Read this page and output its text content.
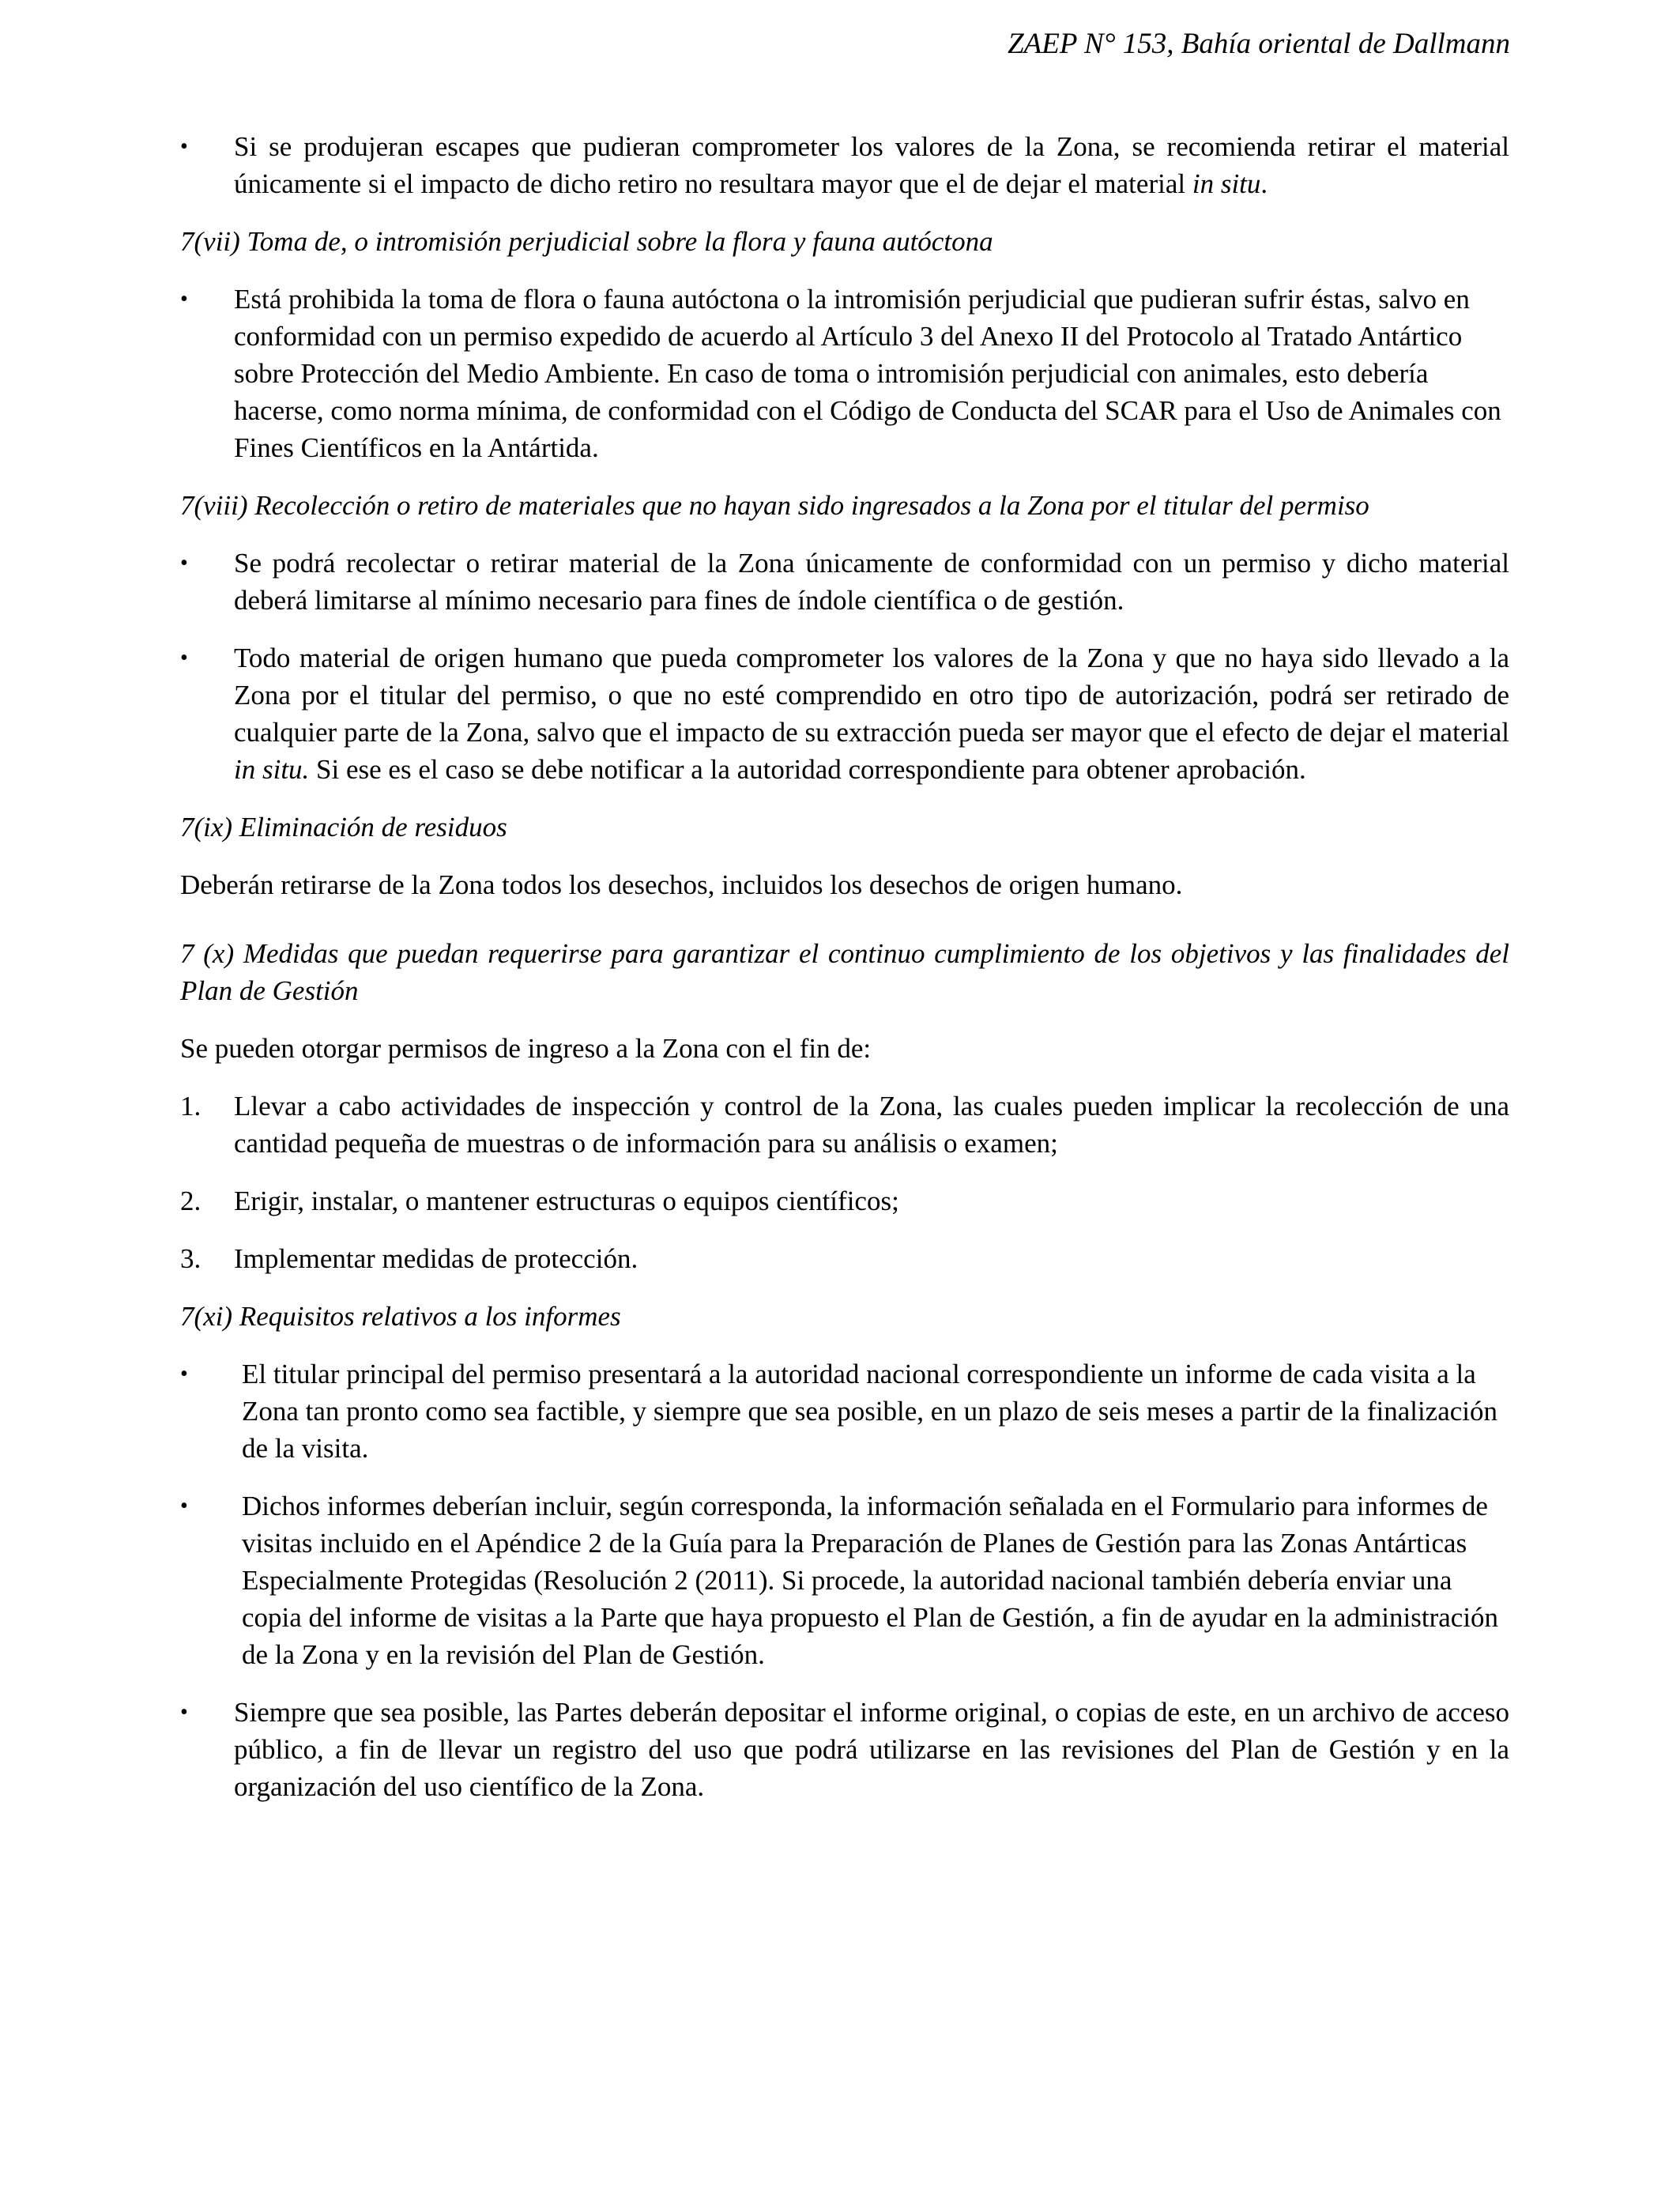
ZAEP N° 153, Bahía oriental de Dallmann
•	Si se produjeran escapes que pudieran comprometer los valores de la Zona, se recomienda retirar el material únicamente si el impacto de dicho retiro no resultara mayor que el de dejar el material in situ.

7(vii) Toma de, o intromisión perjudicial sobre la flora y fauna autóctona

•	Está prohibida la toma de flora o fauna autóctona o la intromisión perjudicial que pudieran sufrir éstas, salvo en conformidad con un permiso expedido de acuerdo al Artículo 3 del Anexo II del Protocolo al Tratado Antártico sobre Protección del Medio Ambiente. En caso de toma o intromisión perjudicial con animales, esto debería hacerse, como norma mínima, de conformidad con el Código de Conducta del SCAR para el Uso de Animales con Fines Científicos en la Antártida.

7(viii) Recolección o retiro de materiales que no hayan sido ingresados a la Zona por el titular del permiso

•	Se podrá recolectar o retirar material de la Zona únicamente de conformidad con un permiso y dicho material deberá limitarse al mínimo necesario para fines de índole científica o de gestión.
•	Todo material de origen humano que pueda comprometer los valores de la Zona y que no haya sido llevado a la Zona por el titular del permiso, o que no esté comprendido en otro tipo de autorización, podrá ser retirado de cualquier parte de la Zona, salvo que el impacto de su extracción pueda ser mayor que el efecto de dejar el material in situ. Si ese es el caso se debe notificar a la autoridad correspondiente para obtener aprobación.

7(ix) Eliminación de residuos

Deberán retirarse de la Zona todos los desechos, incluidos los desechos de origen humano.

7 (x) Medidas que puedan requerirse para garantizar el continuo cumplimiento de los objetivos y las finalidades del Plan de Gestión

Se pueden otorgar permisos de ingreso a la Zona con el fin de:

1.	Llevar a cabo actividades de inspección y control de la Zona, las cuales pueden implicar la recolección de una cantidad pequeña de muestras o de información para su análisis o examen;
2.	Erigir, instalar, o mantener estructuras o equipos científicos;
3.	Implementar medidas de protección.

7(xi) Requisitos relativos a los informes

•	El titular principal del permiso presentará a la autoridad nacional correspondiente un informe de cada visita a la Zona tan pronto como sea factible, y siempre que sea posible, en un plazo de seis meses a partir de la finalización de la visita.
•	Dichos informes deberían incluir, según corresponda, la información señalada en el Formulario para informes de visitas incluido en el Apéndice 2 de la Guía para la Preparación de Planes de Gestión para las Zonas Antárticas Especialmente Protegidas (Resolución 2 (2011). Si procede, la autoridad nacional también debería enviar una copia del informe de visitas a la Parte que haya propuesto el Plan de Gestión, a fin de ayudar en la administración de la Zona y en la revisión del Plan de Gestión.
•	Siempre que sea posible, las Partes deberán depositar el informe original, o copias de este, en un archivo de acceso público, a fin de llevar un registro del uso que podrá utilizarse en las revisiones del Plan de Gestión y en la organización del uso científico de la Zona.
